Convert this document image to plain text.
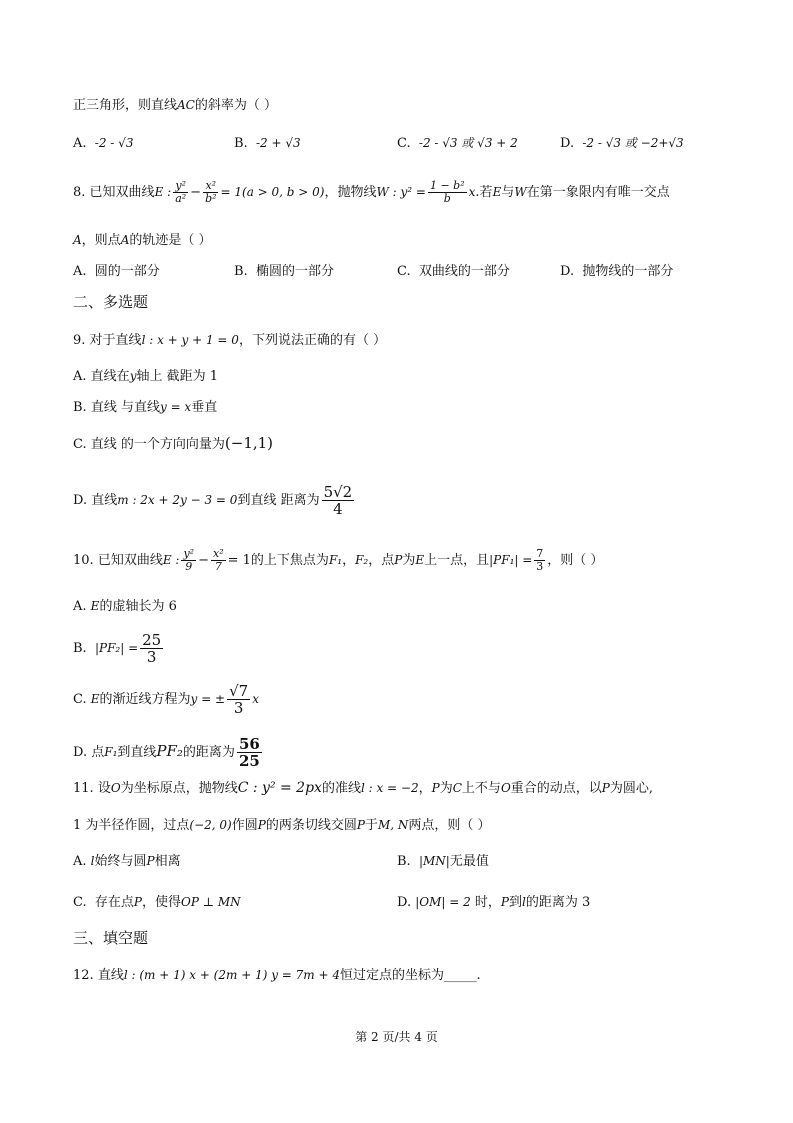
正三角形，则直线AC的斜率为（ ）
A. -2 - √3	B. -2 + √3	C. -2 - √3 或 √3 + 2	D. -2 - √3 或 −2+√3
8. 已知双曲线E : $\frac{\text{y²}}{\text{a²}} - \frac{\text{x²}}{\text{b²}} = 1(a > 0$, b > 0)，抛物线W : $y^2 = \frac{\text{1 − b²}}{b} x$.若E与W在第一象限内有唯一交点
A，则点A的轨迹是（ ）
A. 圆的一部分	B. 椭圆的一部分	C. 双曲线的一部分	D. 抛物线的一部分
二、多选题
9. 对于直线l : x + y + 1 = 0，下列说法正确的有（ ）
A. 直线在y轴上 截距为 1
B. 直线 与直线y = x垂直
C. 直线 的一个方向向量为(−1,1)
D. 直线m : 2x + 2y − 3 = 0到直线 距离为 $\frac{5√2}{4}$
10. 已知双曲线E : $\frac{\text{y²}}{9} - \frac{\text{x²}}{7} = 1$的上下焦点为F₁，F₂，点P为E上一点，且$|PF_1| = \frac{7}{3}$ ，则（ ）
A. E的虚轴长为 6
B. $|PF_2| = \frac{25}{3}$
C. E的渐近线方程为y = ± $\frac{√7}{3}$ x
D. 点F₁到直线PF₂的距离为 $\frac{56}{25}$
11. 设O为坐标原点，抛物线C : y² = 2px的准线l : x = −2，P为C上不与O重合的动点，以P为圆心,
1 为半径作圆，过点(−2, 0)作圆P的两条切线交圆P于M, N两点，则（ ）
A. l始终与圆P相离	B. |MN|无最值
C. 存在点P，使得OP ⊥ MN	D. |OM| = 2 时，P到l的距离为 3
三、填空题
12. 直线l : (m + 1) x + (2m + 1) y = 7m + 4恒过定点的坐标为_____.
第 2 页/共 4 页
